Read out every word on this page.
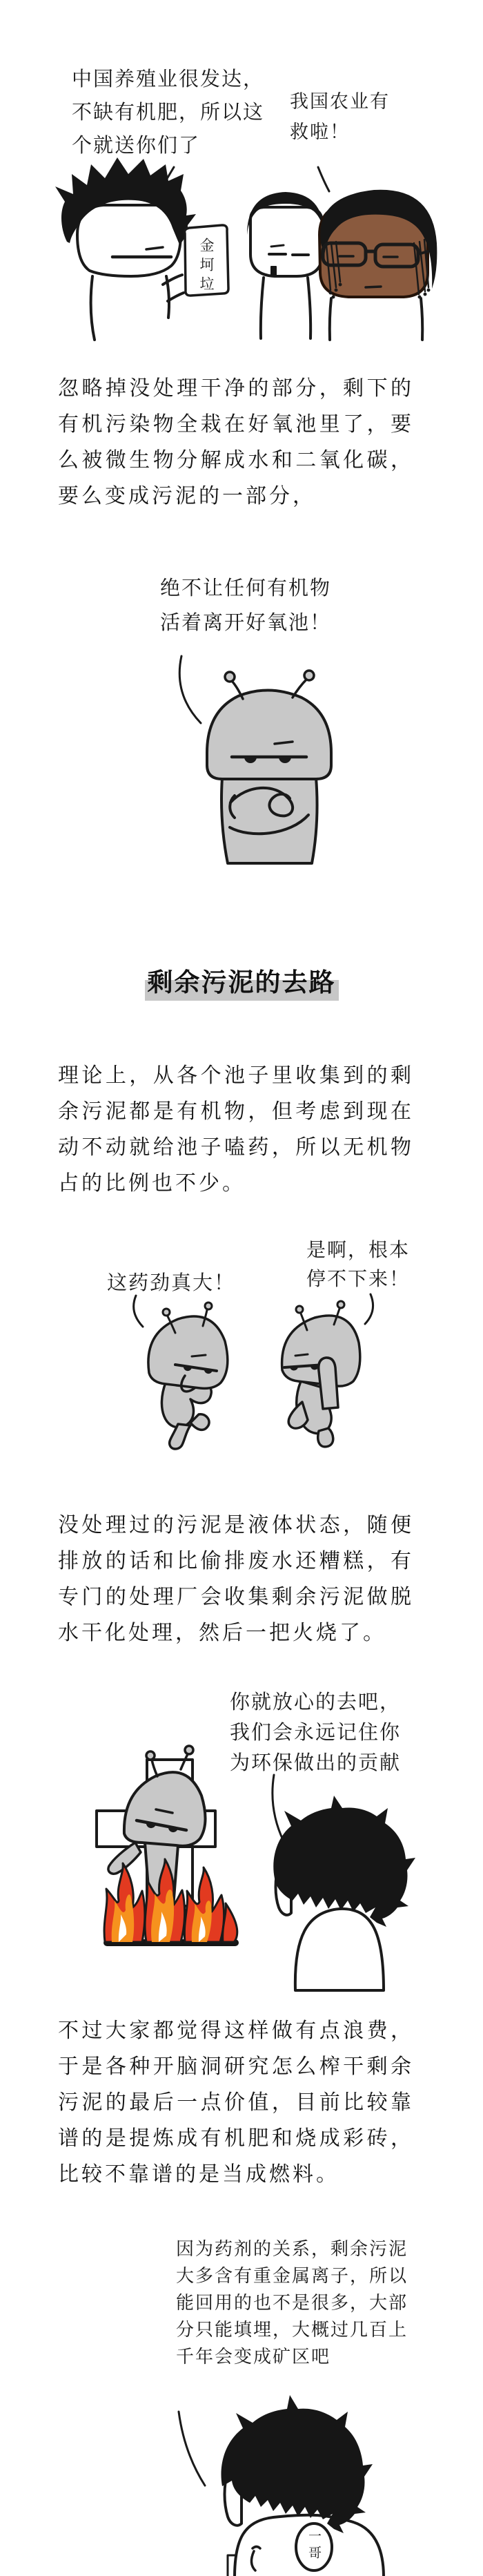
中国养殖业很发达，
不缺有机肥，所以这
个就送你们了
我国农业有
救啦！
金坷垃
忽略掉没处理干净的部分，剩下的有机污染物全栽在好氧池里了，要么被微生物分解成水和二氧化碳，要么变成污泥的一部分，
绝不让任何有机物
活着离开好氧池！
剩余污泥的去路
理论上，从各个池子里收集到的剩余污泥都是有机物，但考虑到现在动不动就给池子嗑药，所以无机物占的比例也不少。
这药劲真大！
是啊，根本
停不下来！
没处理过的污泥是液体状态，随便排放的话和比偷排废水还糟糕，有专门的处理厂会收集剩余污泥做脱水干化处理，然后一把火烧了。
你就放心的去吧，
我们会永远记住你
为环保做出的贡献
不过大家都觉得这样做有点浪费，于是各种开脑洞研究怎么榨干剩余污泥的最后一点价值，目前比较靠谱的是提炼成有机肥和烧成彩砖，比较不靠谱的是当成燃料。
因为药剂的关系，剩余污泥
大多含有重金属离子，所以
能回用的也不是很多，大部
分只能填埋，大概过几百上
千年会变成矿区吧
一哥
